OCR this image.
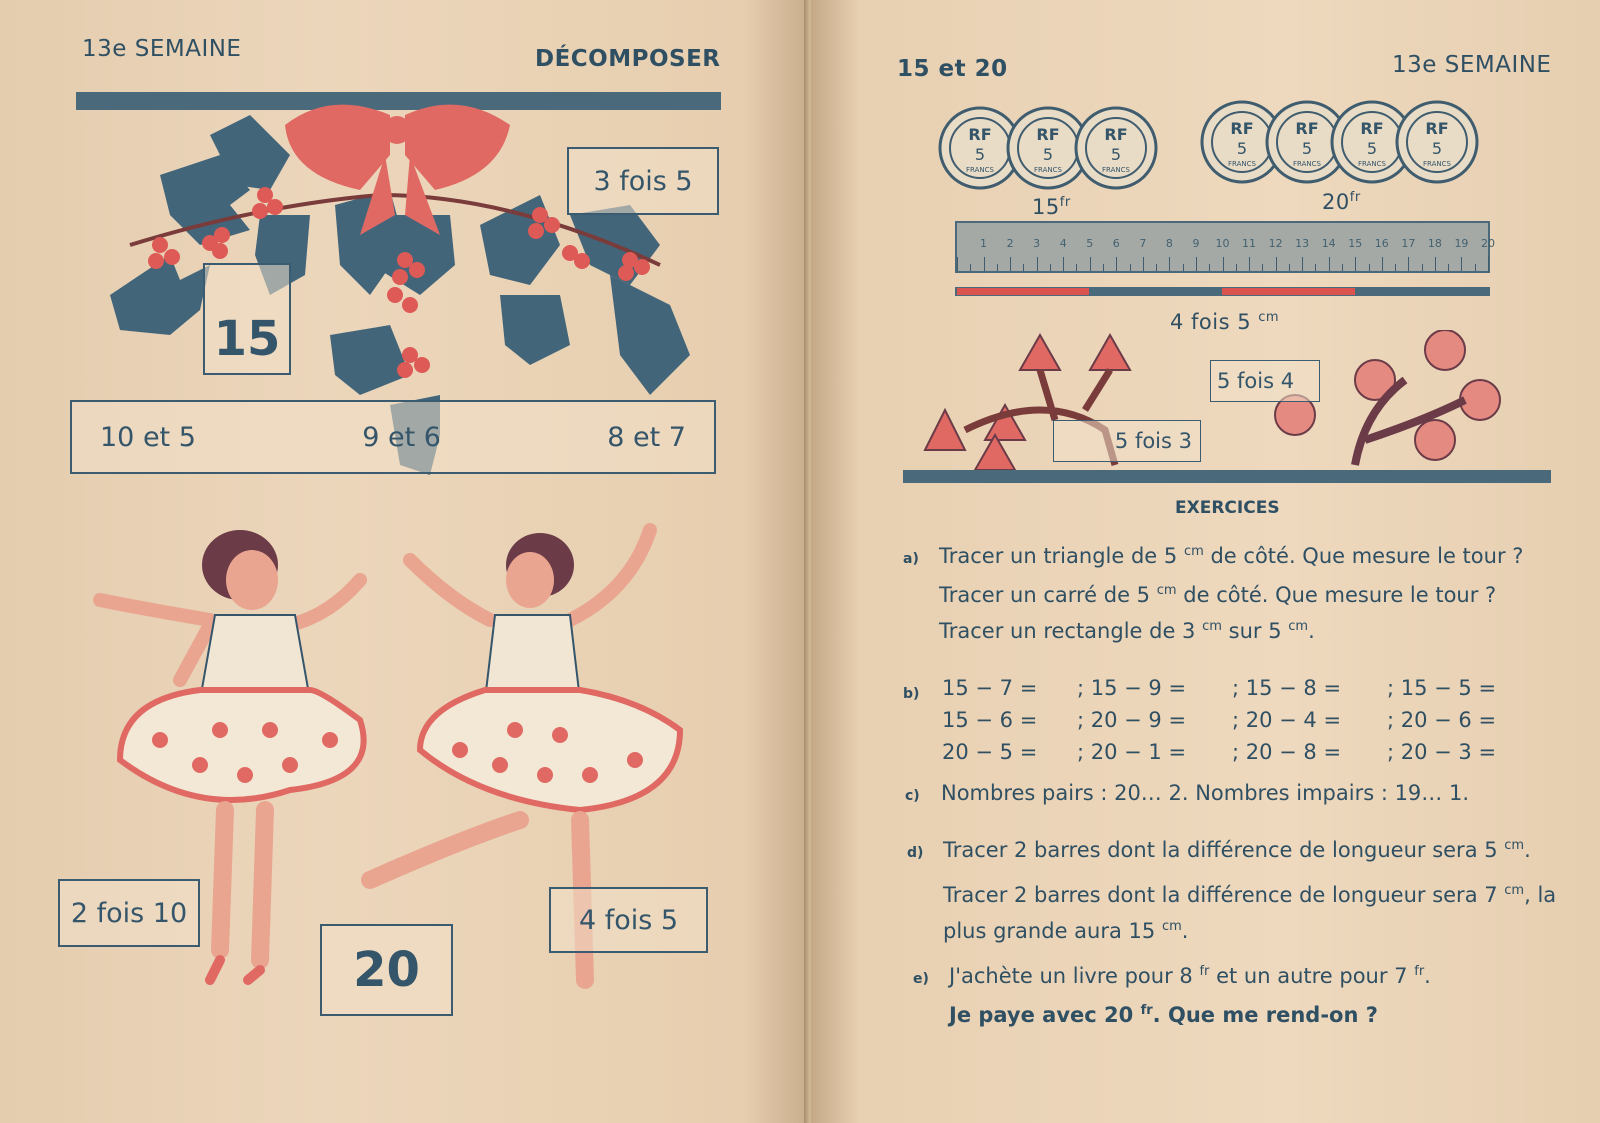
13e SEMAINE	DÉCOMPOSER
3 fois 5
15
10 et 5	9 et 6	8 et 7
2 fois 10
20
4 fois 5
15 et 20	13e SEMAINE
RF
5
FRANCS
RF
5
FRANCS
RF
5
FRANCS
$15^{fr}$
RF
5
FRANCS
RF
5
FRANCS
RF
5
FRANCS
RF
5
FRANCS
$20^{fr}$
1 2 3 4 5 6 7 8 9 10 11 12 13 14 15 16 17 18 19 20
4 fois 5 $^{cm}$
5 fois 4
5 fois 3
EXERCICES
a) Tracer un triangle de 5 $^{cm}$ de côté. Que mesure le tour ?
Tracer un carré de 5 $^{cm}$ de côté. Que mesure le tour ?
Tracer un rectangle de 3 $^{cm}$ sur 5 $^{cm}$.
b)	15 − 7 =	; 15 − 9 =	; 15 − 8 =	; 15 − 5 =
15 − 6 =	; 20 − 9 =	; 20 − 4 =	; 20 − 6 =
20 − 5 =	; 20 − 1 =	; 20 − 8 =	; 20 − 3 =
c) Nombres pairs : 20… 2. Nombres impairs : 19… 1.
d) Tracer 2 barres dont la différence de longueur sera 5 $^{cm}$.
Tracer 2 barres dont la différence de longueur sera 7 $^{cm}$, la plus grande aura 15 $^{cm}$.
e) J'achète un livre pour 8 $^{fr}$ et un autre pour 7 $^{fr}$.
Je paye avec 20 $^{fr}$. Que me rend-on ?
